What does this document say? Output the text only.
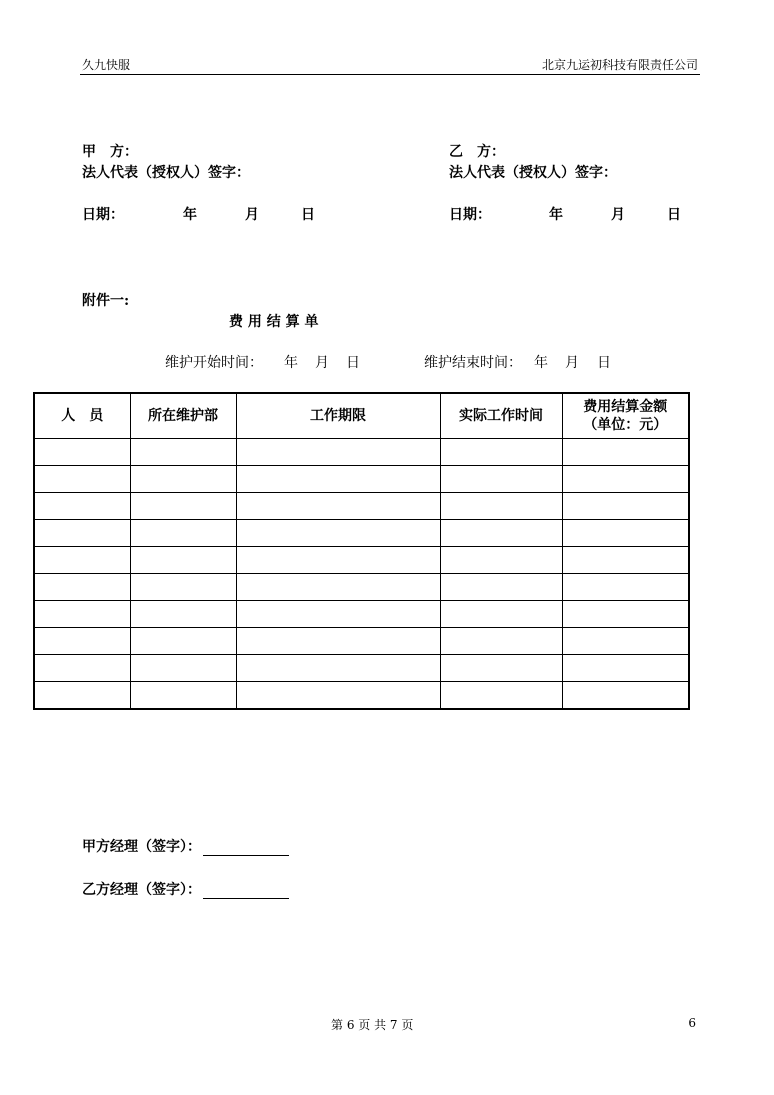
久九快服	北京九运初科技有限责任公司
甲　方：
法人代表（授权人）签字：
日期：	年	月	日
乙　方：
法人代表（授权人）签字：
日期：	年	月	日
附件一:
费 用 结 算 单
维护开始时间： 年 月 日	维护结束时间： 年 月 日
人　员	所在维护部	工作期限	实际工作时间	费用结算金额
（单位：元）

甲方经理（签字）：
乙方经理（签字）：
第 6 页 共 7 页	6
